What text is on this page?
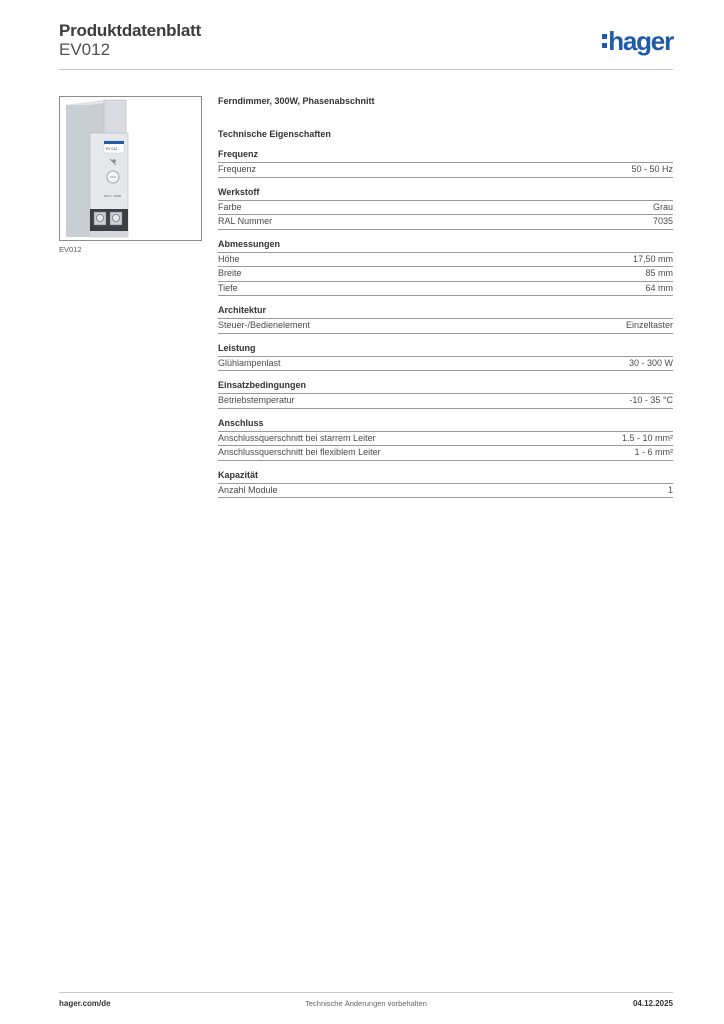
Produktdatenblatt
EV012	hager
EV 012
230 V~ 300W
EV012
Ferndimmer, 300W, Phasenabschnitt
Technische Eigenschaften
Frequenz
Frequenz	50 - 50 Hz
Werkstoff
Farbe	Grau
RAL Nummer	7035
Abmessungen
Höhe	17,50 mm
Breite	85 mm
Tiefe	64 mm
Architektur
Steuer-/Bedienelement	Einzeltaster
Leistung
Glühlampenlast	30 - 300 W
Einsatzbedingungen
Betriebstemperatur	-10 - 35 °C
Anschluss
Anschlussquerschnitt bei starrem Leiter	1.5 - 10 mm²
Anschlussquerschnitt bei flexiblem Leiter	1 - 6 mm²
Kapazität
Anzahl Module	1
hager.com/de	Technische Änderungen vorbehalten	04.12.2025
